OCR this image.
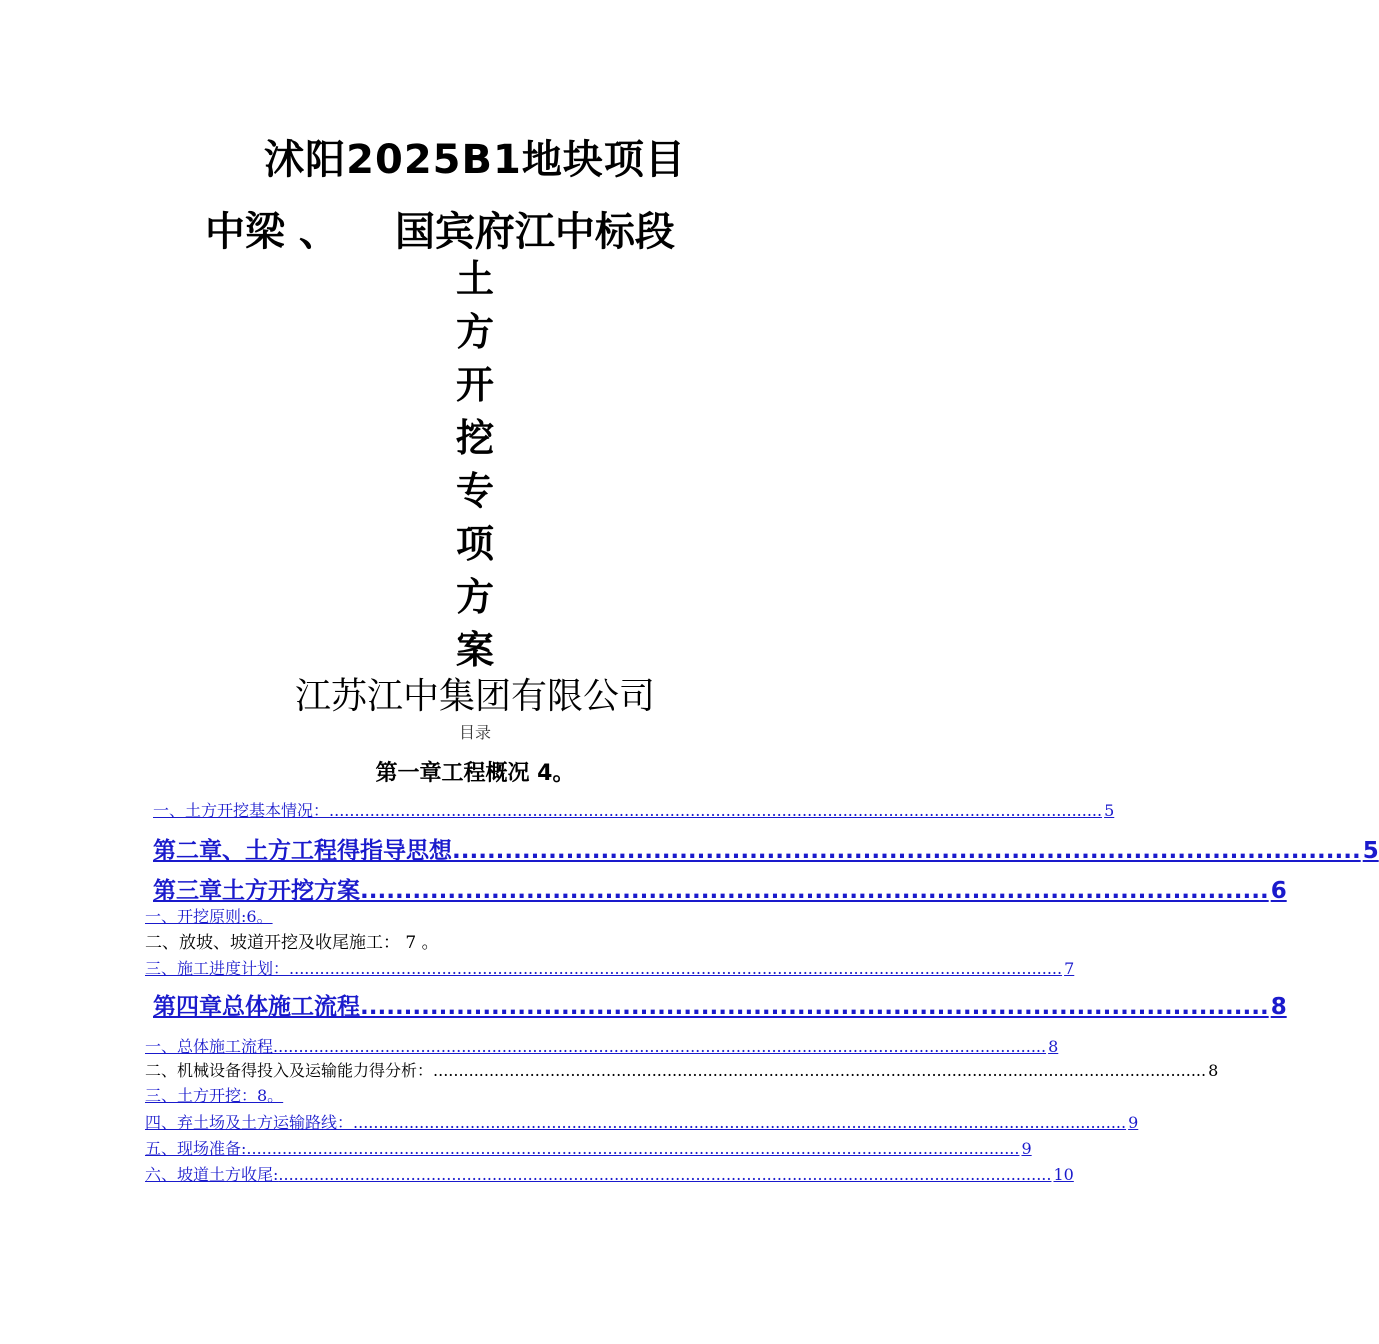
沭阳2025B1地块项目
中梁 、 国宾府江中标段
土
方
开
挖
专
项
方
案
江苏江中集团有限公司
目录
第一章工程概况 4。
一、土方开挖基本情况： ........................................................................................................................................................ 5
第二章、土方工程得指导思想 ........................................................................................................ 5
第三章土方开挖方案 ........................................................................................................ 6
一、开挖原则:6。
二、放坡、坡道开挖及收尾施工： 7 。
三、施工进度计划： ........................................................................................................................................................ 7
第四章总体施工流程 ........................................................................................................ 8
一、总体施工流程 ........................................................................................................................................................ 8
二、机械设备得投入及运输能力得分析： ........................................................................................................................................................ 8
三、土方开挖：8。
四、弃土场及土方运输路线： ........................................................................................................................................................ 9
五、现场准备: ........................................................................................................................................................ 9
六、坡道土方收尾: ........................................................................................................................................................ 10
